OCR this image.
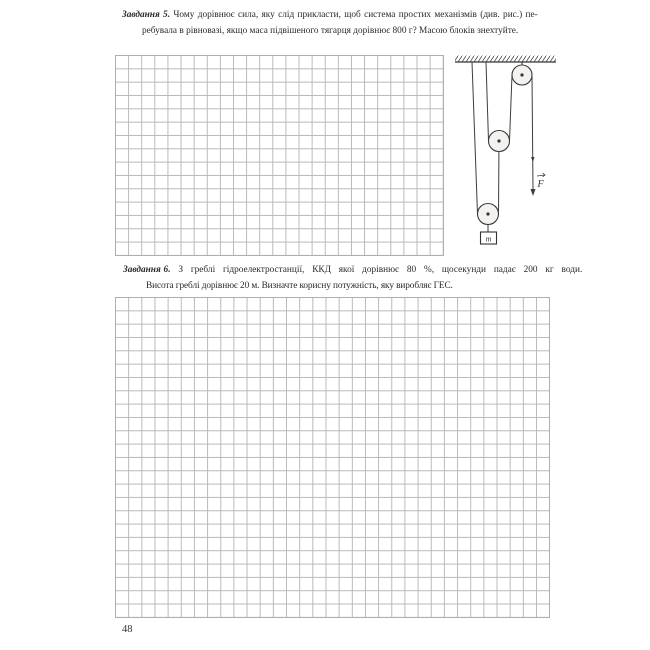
Завдання 5. Чому дорівнює сила, яку слід прикласти, щоб система простих механізмів (див. рис.) пе-
ребувала в рівновазі, якщо маса підвішеного тягарця дорівнює 800 г? Масою блоків знехтуйте.
m
F
Завдання 6. З греблі гідроелектростанції, ККД якої дорівнює 80 %, щосекунди падає 200 кг води.
Висота греблі дорівнює 20 м. Визначте корисну потужність, яку виробляє ГЕС.
48
